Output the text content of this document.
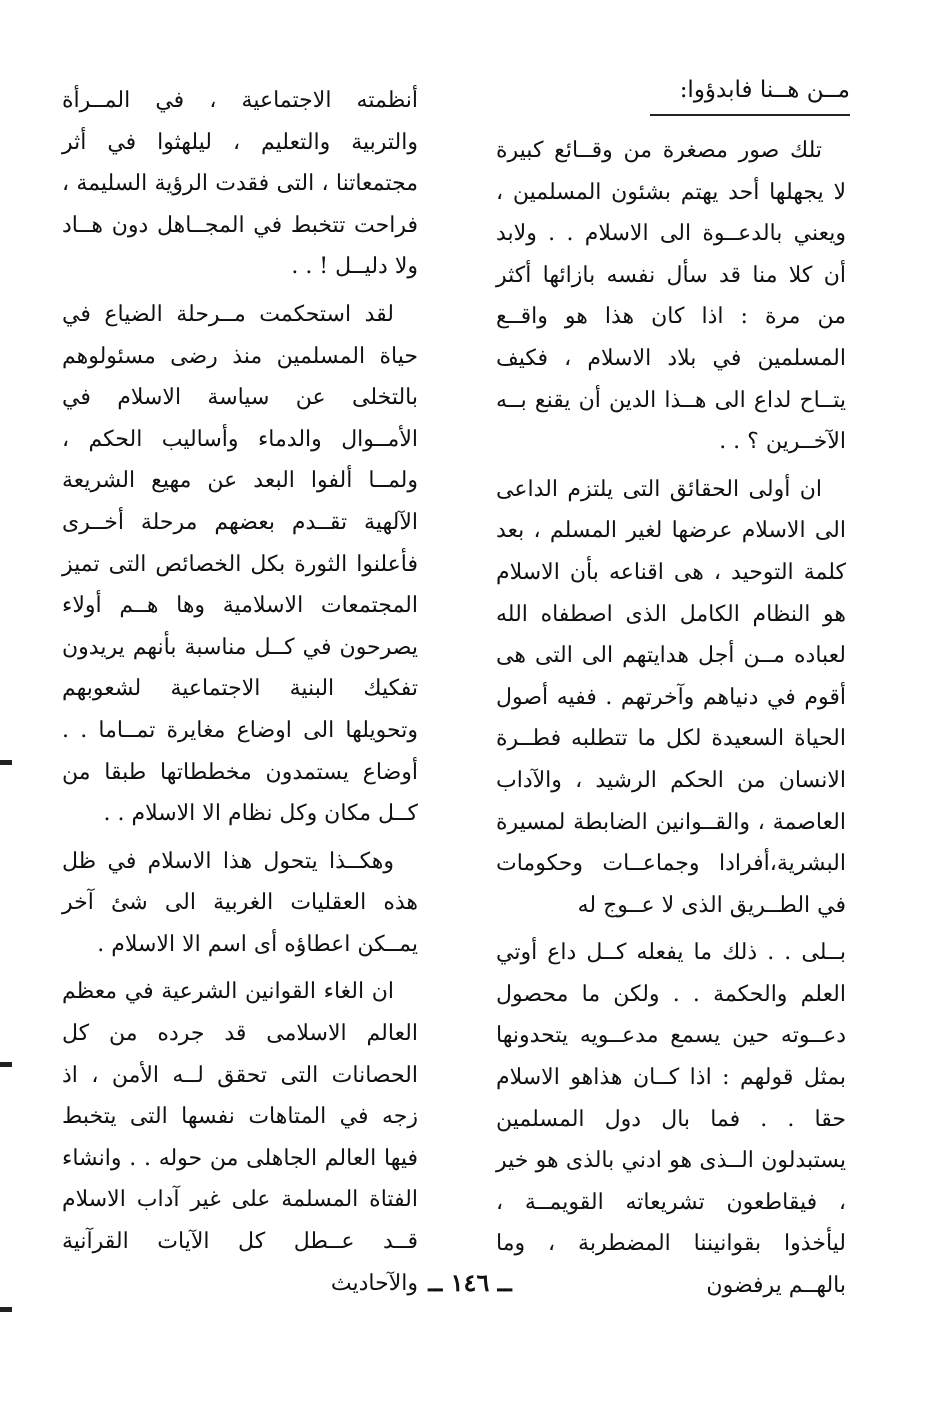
مــن هــنا فابدؤوا:

تلك صور مصغرة من وقــائع كبيرة لا يجهلها أحد يهتم بشئون المسلمين ، ويعني بالدعــوة الى الاسلام . . ولابد أن كلا منا قد سأل نفسه بازائها أكثر من مرة : اذا كان هذا هو واقــع المسلمين في بلاد الاسلام ، فكيف يتــاح لداع الى هــذا الدين أن يقنع بــه الآخــرين ؟ . .

ان أولى الحقائق التى يلتزم الداعى الى الاسلام عرضها لغير المسلم ، بعد كلمة التوحيد ، هى اقناعه بأن الاسلام هو النظام الكامل الذى اصطفاه الله لعباده مــن أجل هدايتهم الى التى هى أقوم في دنياهم وآخرتهم . ففيه أصول الحياة السعيدة لكل ما تتطلبه فطــرة الانسان من الحكم الرشيد ، والآداب العاصمة ، والقــوانين الضابطة لمسيرة البشرية،أفرادا وجماعــات وحكومات في الطــريق الذى لا عــوج له

بــلى . . ذلك ما يفعله كــل داع أوتي العلم والحكمة . . ولكن ما محصول دعــوته حين يسمع مدعــويه يتحدونها بمثل قولهم : اذا كــان هذاهو الاسلام حقا . . فما بال دول المسلمين يستبدلون الــذى هو ادني بالذى هو خير ، فيقاطعون تشريعاته القويمــة ، ليأخذوا بقوانيننا المضطربة ، وما بالهــم يرفضون

أنظمته الاجتماعية ، في المــرأة والتربية والتعليم ، ليلهثوا في أثر مجتمعاتنا ، التى فقدت الرؤية السليمة ، فراحت تتخبط في المجــاهل دون هــاد ولا دليــل ! . .

لقد استحكمت مــرحلة الضياع في حياة المسلمين منذ رضى مسئولوهم بالتخلى عن سياسة الاسلام في الأمــوال والدماء وأساليب الحكم ، ولمــا ألفوا البعد عن مهيع الشريعة الآلهية تقــدم بعضهم مرحلة أخــرى فأعلنوا الثورة بكل الخصائص التى تميز المجتمعات الاسلامية وها هــم أولاء يصرحون في كــل مناسبة بأنهم يريدون تفكيك البنية الاجتماعية لشعوبهم وتحويلها الى اوضاع مغايرة تمــاما . . أوضاع يستمدون مخططاتها طبقا من كــل مكان وكل نظام الا الاسلام . .

وهكــذا يتحول هذا الاسلام في ظل هذه العقليات الغربية الى شئ آخر يمــكن اعطاؤه أى اسم الا الاسلام .

ان الغاء القوانين الشرعية في معظم العالم الاسلامى قد جرده من كل الحصانات التى تحقق لــه الأمن ، اذ زجه في المتاهات نفسها التى يتخبط فيها العالم الجاهلى من حوله . . وانشاء الفتاة المسلمة على غير آداب الاسلام قــد عــطل كل الآيات القرآنية والآحاديث ــ ١٤٦ ــ
